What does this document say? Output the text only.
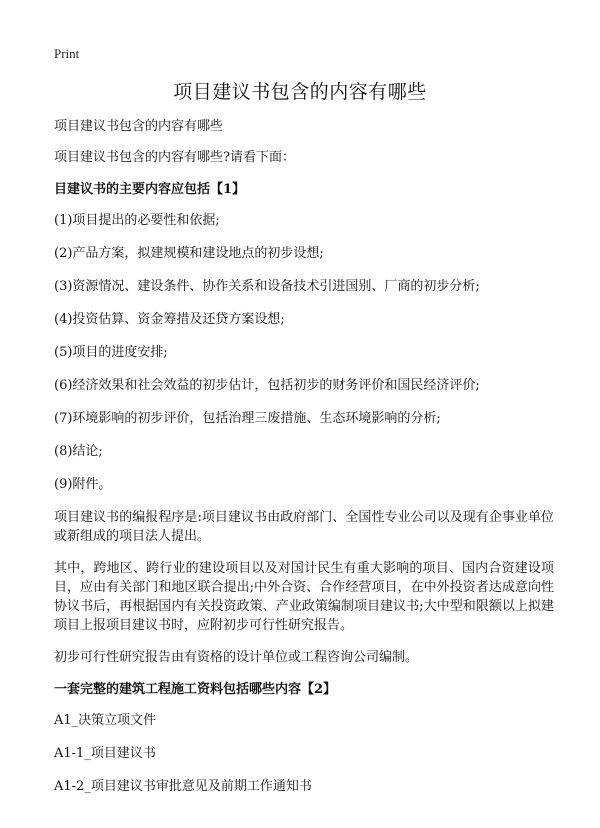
Print
项目建议书包含的内容有哪些
项目建议书包含的内容有哪些
项目建议书包含的内容有哪些?请看下面：
目建议书的主要内容应包括【1】
(1)项目提出的必要性和依据;
(2)产品方案，拟建规模和建设地点的初步设想;
(3)资源情况、建设条件、协作关系和设备技术引进国别、厂商的初步分析;
(4)投资估算、资金筹措及还贷方案设想;
(5)项目的进度安排;
(6)经济效果和社会效益的初步估计，包括初步的财务评价和国民经济评价;
(7)环境影响的初步评价，包括治理三废措施、生态环境影响的分析;
(8)结论;
(9)附件。
项目建议书的编报程序是:项目建议书由政府部门、全国性专业公司以及现有企事业单位或新组成的项目法人提出。
其中，跨地区、跨行业的建设项目以及对国计民生有重大影响的项目、国内合资建设项目，应由有关部门和地区联合提出;中外合资、合作经营项目，在中外投资者达成意向性协议书后，再根据国内有关投资政策、产业政策编制项目建议书;大中型和限额以上拟建项目上报项目建议书时，应附初步可行性研究报告。
初步可行性研究报告由有资格的设计单位或工程咨询公司编制。
一套完整的建筑工程施工资料包括哪些内容【2】
A1_决策立项文件
A1-1_项目建议书
A1-2_项目建议书审批意见及前期工作通知书
